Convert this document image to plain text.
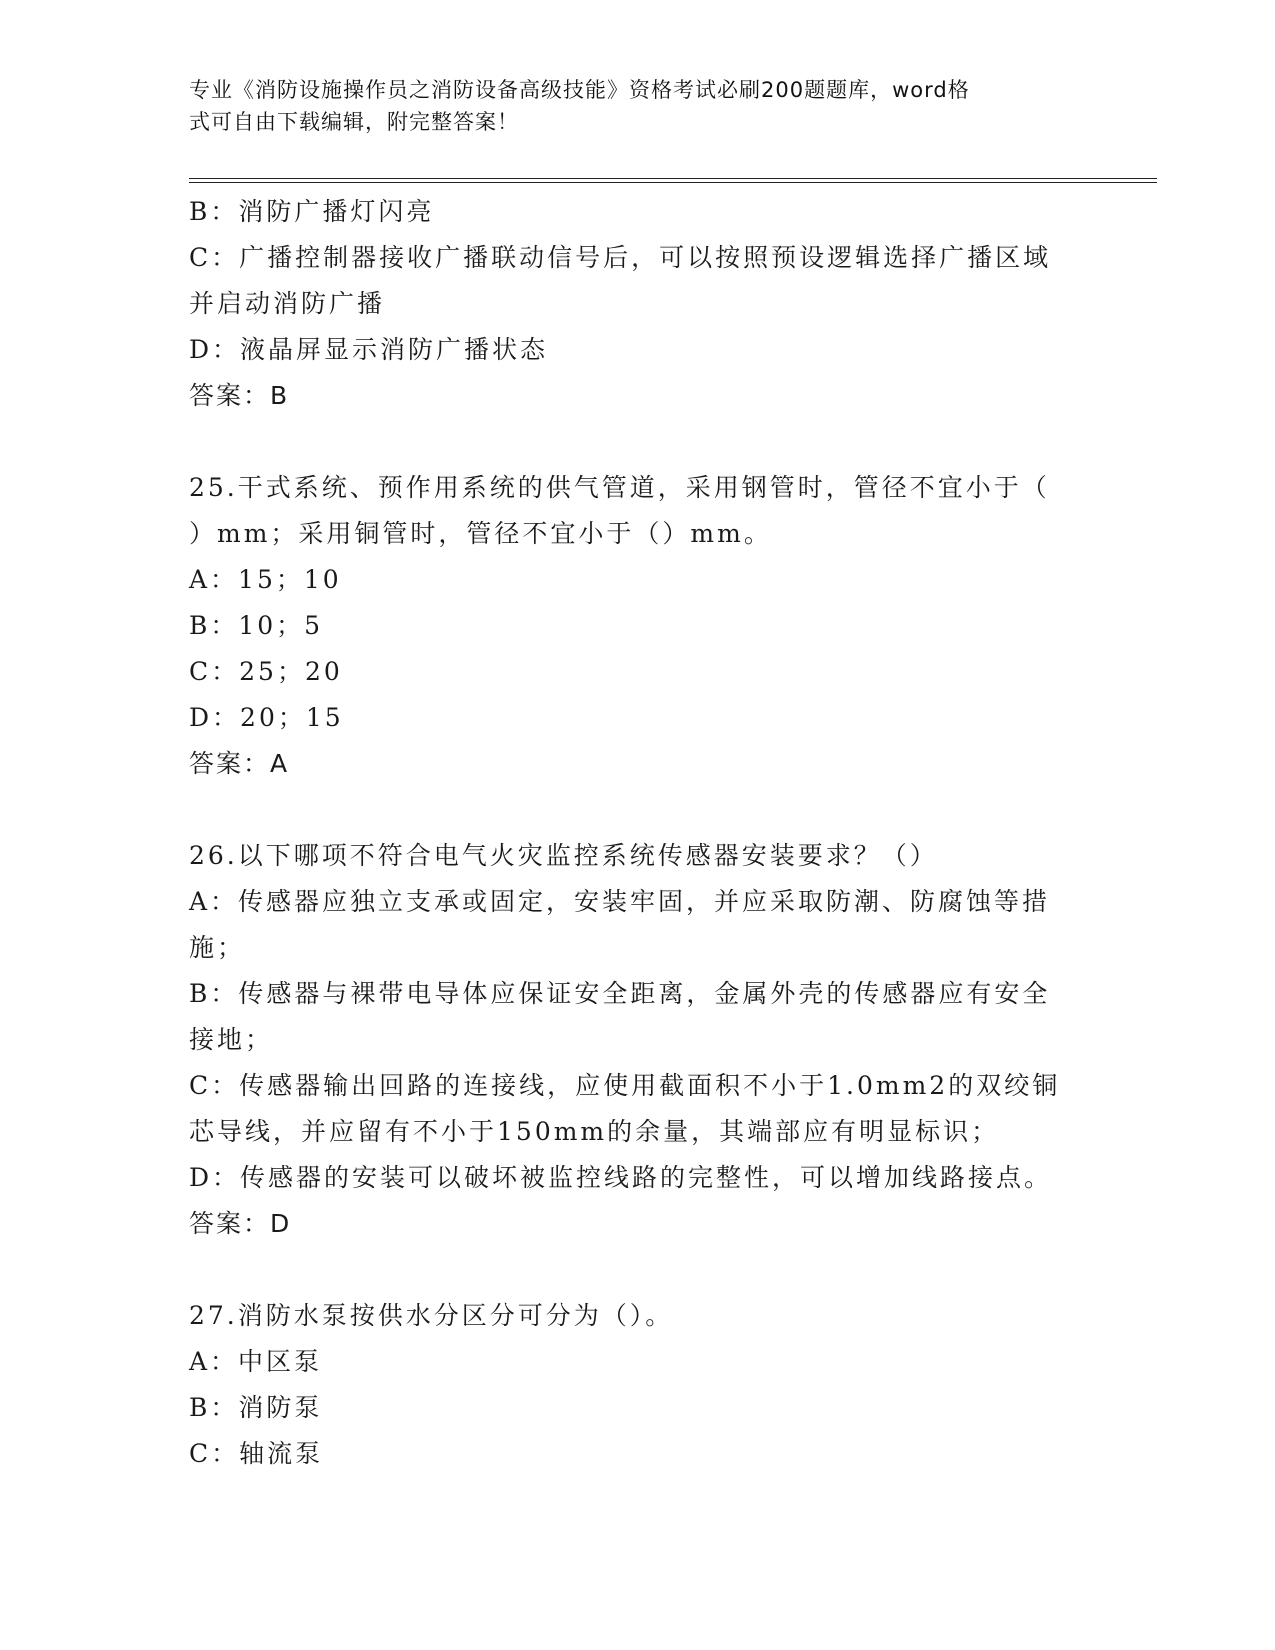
专业《消防设施操作员之消防设备高级技能》资格考试必刷200题题库，word格
式可自由下载编辑，附完整答案！
B：消防广播灯闪亮
C：广播控制器接收广播联动信号后，可以按照预设逻辑选择广播区域
并启动消防广播
D：液晶屏显示消防广播状态
答案：B
25.干式系统、预作用系统的供气管道，采用钢管时，管径不宜小于（
）mm；采用铜管时，管径不宜小于（）mm。
A：15；10
B：10；5
C：25；20
D：20；15
答案：A
26.以下哪项不符合电气火灾监控系统传感器安装要求？（）
A：传感器应独立支承或固定，安装牢固，并应采取防潮、防腐蚀等措
施；
B：传感器与裸带电导体应保证安全距离，金属外壳的传感器应有安全
接地；
C：传感器输出回路的连接线，应使用截面积不小于1.0mm2的双绞铜
芯导线，并应留有不小于150mm的余量，其端部应有明显标识；
D：传感器的安装可以破坏被监控线路的完整性，可以增加线路接点。
答案：D
27.消防水泵按供水分区分可分为（）。
A：中区泵
B：消防泵
C：轴流泵
